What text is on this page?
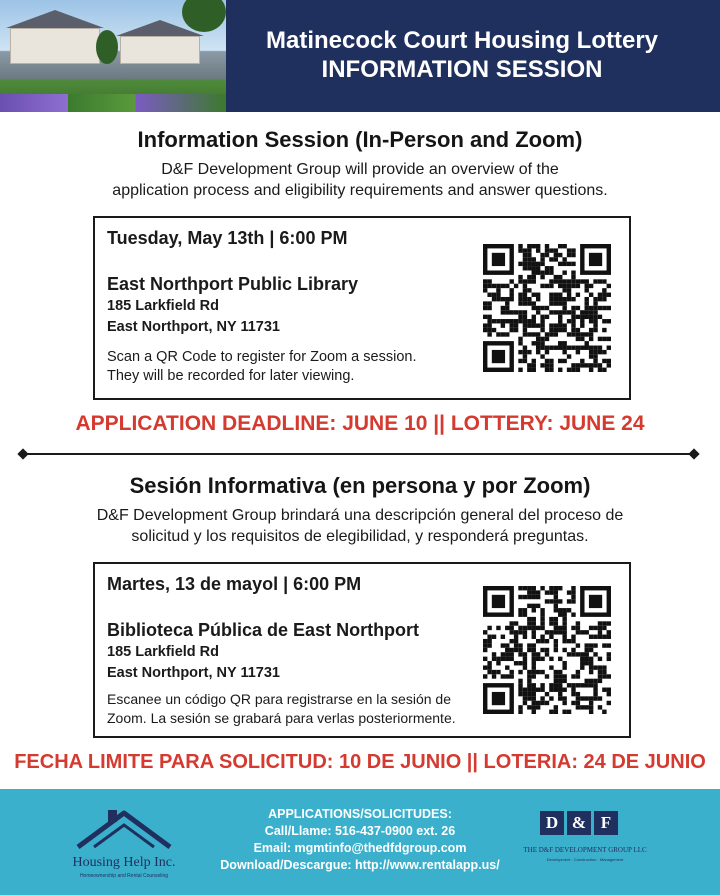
Matinecock Court Housing Lottery
INFORMATION SESSION
Information Session (In-Person and Zoom)
D&F Development Group will provide an overview of the
application process and eligibility requirements and answer questions.
Tuesday, May 13th | 6:00 PM
East Northport Public Library
185 Larkfield Rd
East Northport, NY 11731
Scan a QR Code to register for Zoom a session.
They will be recorded for later viewing.
APPLICATION DEADLINE: JUNE 10 || LOTTERY: JUNE 24
Sesión Informativa (en persona y por Zoom)
D&F Development Group brindará una descripción general del proceso de
solicitud y los requisitos de elegibilidad, y responderá preguntas.
Martes, 13 de mayol | 6:00 PM
Biblioteca Pública de East Northport
185 Larkfield Rd
East Northport, NY 11731
Escanee un código QR para registrarse en la sesión de
Zoom. La sesión se grabará para verlas posteriormente.
FECHA LIMITE PARA SOLICITUD: 10 DE JUNIO || LOTERIA: 24 DE JUNIO
Housing Help Inc.
Homeownership and Rental Counseling
APPLICATIONS/SOLICITUDES:
Call/Llame: 516-437-0900 ext. 26
Email: mgmtinfo@thedfdgroup.com
Download/Descargue: http://www.rentalapp.us/
D & F
THE D&F DEVELOPMENT GROUP LLC
Development · Construction · Management
